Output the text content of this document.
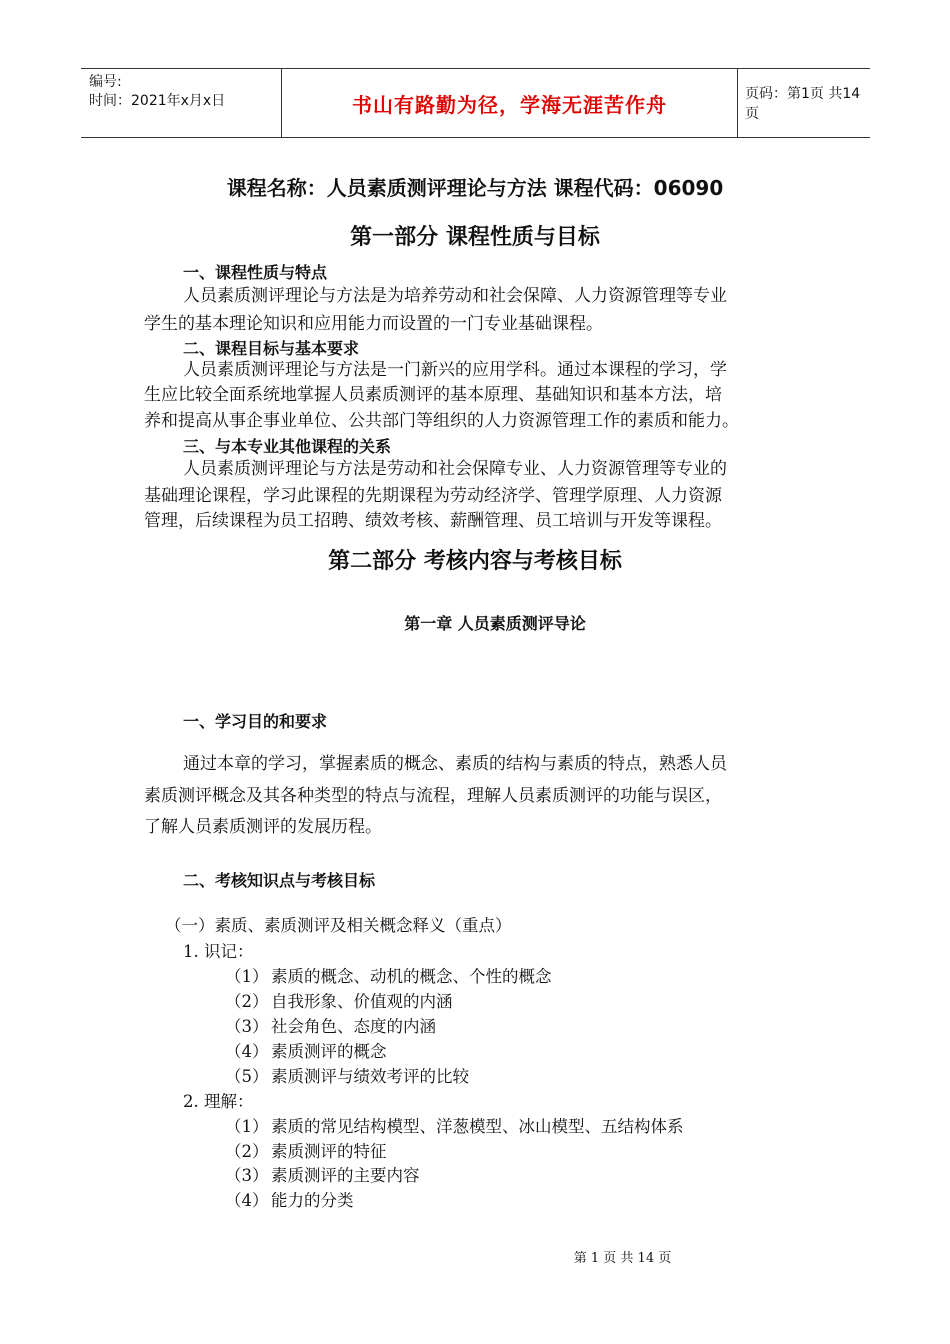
编号:
时间：2021年x月x日	书山有路勤为径，学海无涯苦作舟	页码：第1页 共14页
课程名称：人员素质测评理论与方法 课程代码：06090
第一部分 课程性质与目标
一、课程性质与特点
人员素质测评理论与方法是为培养劳动和社会保障、人力资源管理等专业
学生的基本理论知识和应用能力而设置的一门专业基础课程。
二、课程目标与基本要求
人员素质测评理论与方法是一门新兴的应用学科。通过本课程的学习，学
生应比较全面系统地掌握人员素质测评的基本原理、基础知识和基本方法，培
养和提高从事企事业单位、公共部门等组织的人力资源管理工作的素质和能力。
三、与本专业其他课程的关系
人员素质测评理论与方法是劳动和社会保障专业、人力资源管理等专业的
基础理论课程，学习此课程的先期课程为劳动经济学、管理学原理、人力资源
管理，后续课程为员工招聘、绩效考核、薪酬管理、员工培训与开发等课程。
第二部分 考核内容与考核目标
第一章 人员素质测评导论
一、学习目的和要求
通过本章的学习，掌握素质的概念、素质的结构与素质的特点，熟悉人员
素质测评概念及其各种类型的特点与流程，理解人员素质测评的功能与误区，
了解人员素质测评的发展历程。
二、考核知识点与考核目标
（一）素质、素质测评及相关概念释义（重点）
1. 识记：
（1） 素质的概念、动机的概念、个性的概念
（2） 自我形象、价值观的内涵
（3） 社会角色、态度的内涵
（4） 素质测评的概念
（5） 素质测评与绩效考评的比较
2. 理解：
（1） 素质的常见结构模型、洋葱模型、冰山模型、五结构体系
（2） 素质测评的特征
（3） 素质测评的主要内容
（4） 能力的分类
第 1 页 共 14 页
